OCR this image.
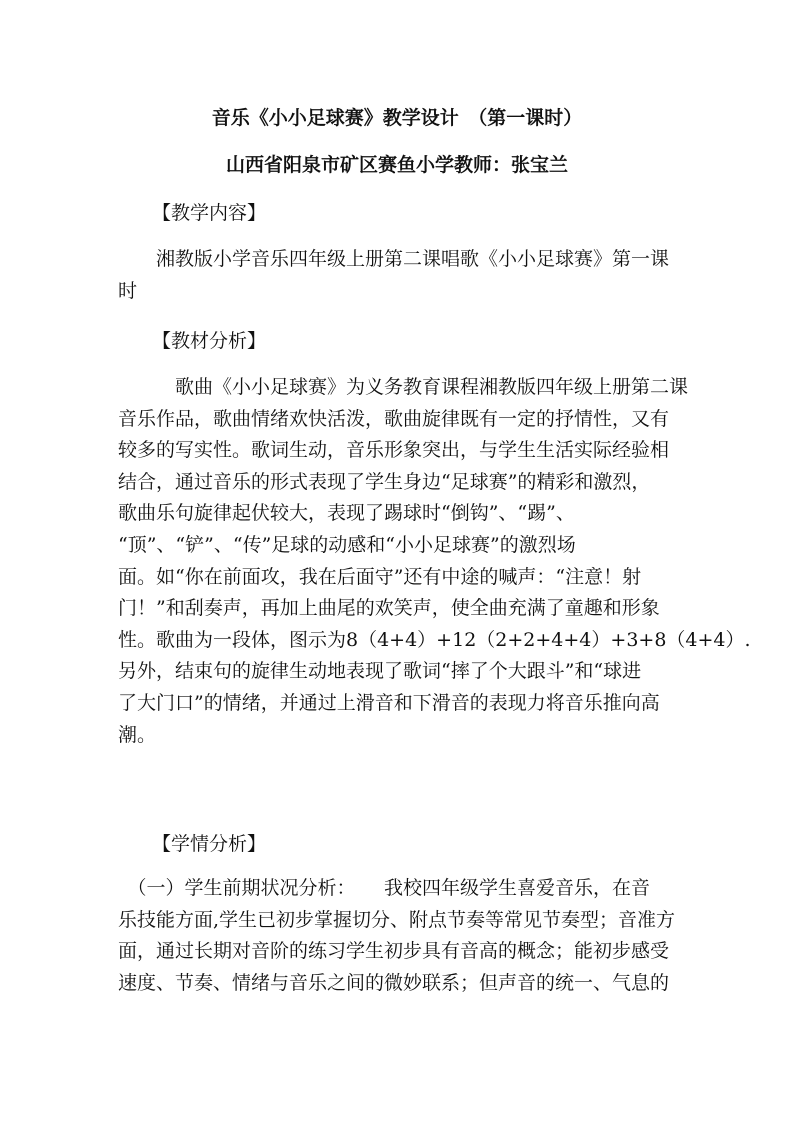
音乐《小小足球赛》教学设计　（第一课时）
山西省阳泉市矿区赛鱼小学教师：张宝兰
【教学内容】
　　湘教版小学音乐四年级上册第二课唱歌《小小足球赛》第一课
时
【教材分析】
　　　歌曲《小小足球赛》为义务教育课程湘教版四年级上册第二课
音乐作品，歌曲情绪欢快活泼，歌曲旋律既有一定的抒情性，又有
较多的写实性。歌词生动，音乐形象突出，与学生生活实际经验相
结合，通过音乐的形式表现了学生身边“足球赛”的精彩和激烈，
歌曲乐句旋律起伏较大，表现了踢球时“倒钩”、“踢”、
“顶”、“铲”、“传”足球的动感和“小小足球赛”的激烈场
面。如“你在前面攻，我在后面守”还有中途的喊声：“注意！射
门！”和刮奏声，再加上曲尾的欢笑声，使全曲充满了童趣和形象
性。歌曲为一段体，图示为8（4+4）+12（2+2+4+4）+3+8（4+4）.
另外，结束句的旋律生动地表现了歌词“摔了个大跟斗”和“球进
了大门口”的情绪，并通过上滑音和下滑音的表现力将音乐推向高
潮。
【学情分析】
　（一）学生前期状况分析：　　我校四年级学生喜爱音乐，在音
乐技能方面,学生已初步掌握切分、附点节奏等常见节奏型；音准方
面，通过长期对音阶的练习学生初步具有音高的概念；能初步感受
速度、节奏、情绪与音乐之间的微妙联系；但声音的统一、气息的
